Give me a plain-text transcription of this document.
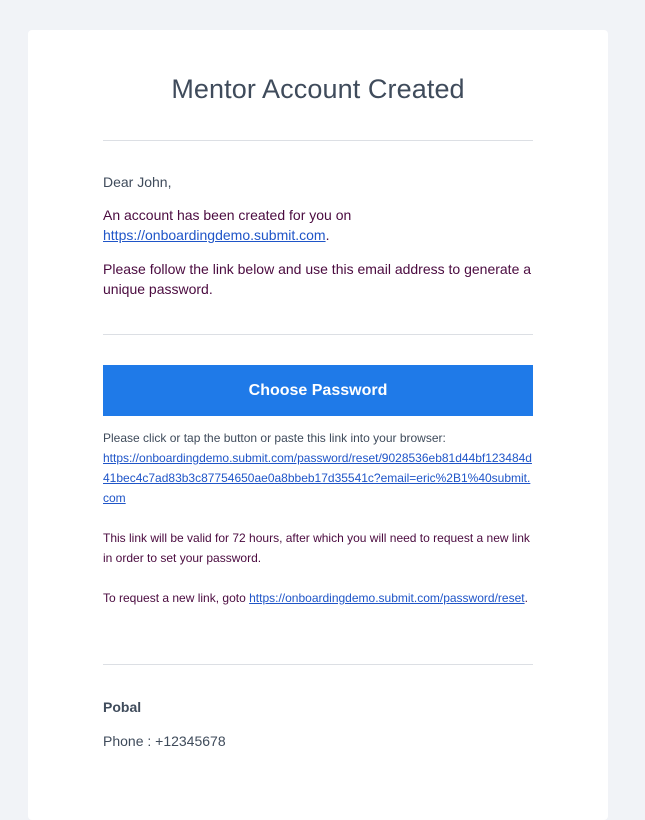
Mentor Account Created
Dear John,

An account has been created for you on https://onboardingdemo.submit.com.

Please follow the link below and use this email address to generate a unique password.

Choose Password

Please click or tap the button or paste this link into your browser:
https://onboardingdemo.submit.com/password/reset/9028536eb81d44bf123484d41bec4c7ad83b3c87754650ae0a8bbeb17d35541c?email=eric%2B1%40submit.com

This link will be valid for 72 hours, after which you will need to request a new link in order to set your password.

To request a new link, goto https://onboardingdemo.submit.com/password/reset.

Pobal
Phone : +12345678
